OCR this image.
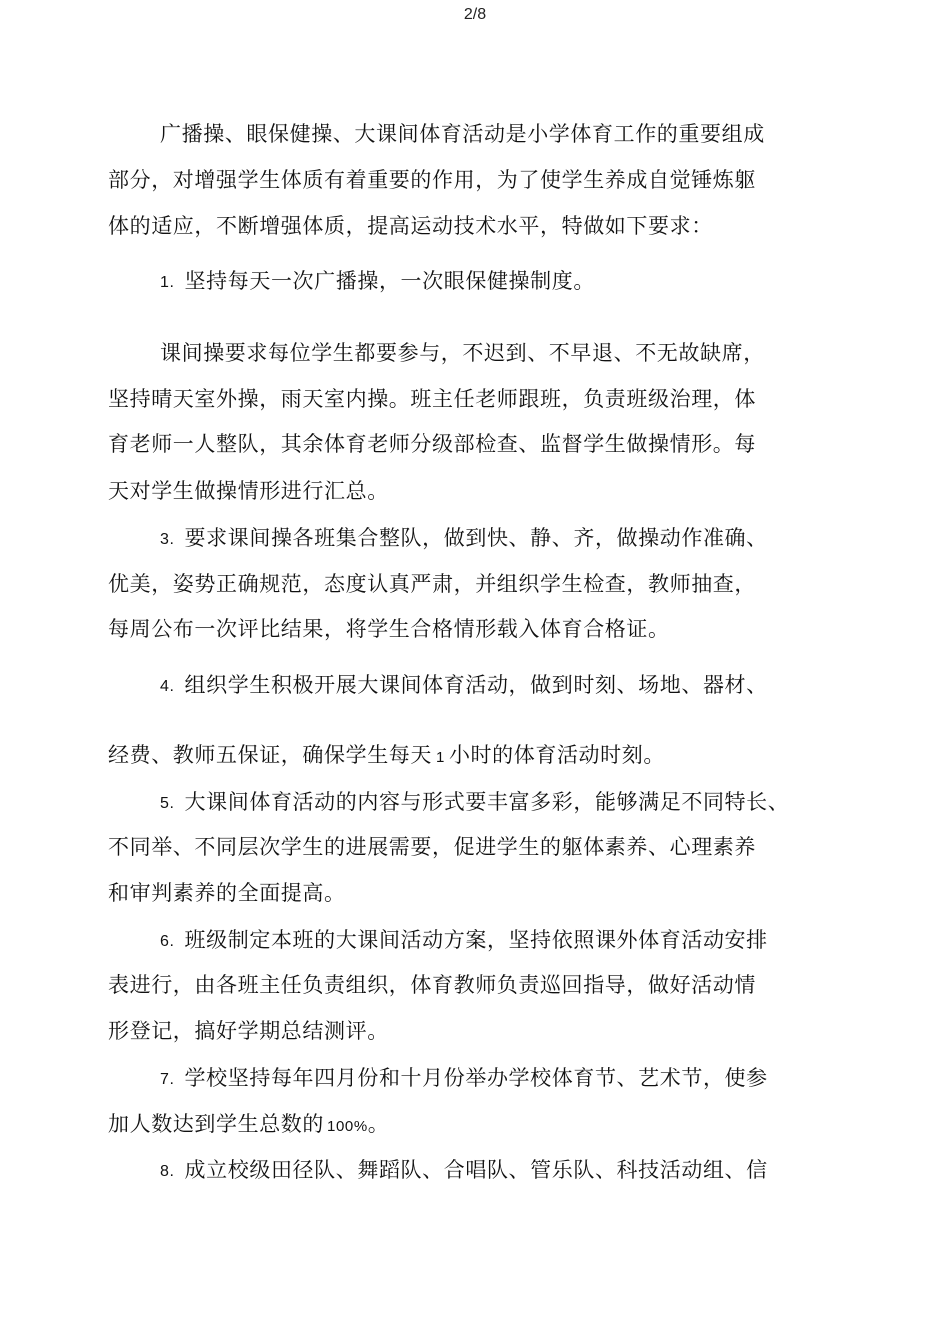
2/8
广播操、眼保健操、大课间体育活动是小学体育工作的重要组成
部分，对增强学生体质有着重要的作用，为了使学生养成自觉锤炼躯
体的适应，不断增强体质，提高运动技术水平，特做如下要求：
1. 坚持每天一次广播操，一次眼保健操制度。
课间操要求每位学生都要参与，不迟到、不早退、不无故缺席，
坚持晴天室外操，雨天室内操。班主任老师跟班，负责班级治理，体
育老师一人整队，其余体育老师分级部检查、监督学生做操情形。每
天对学生做操情形进行汇总。
3. 要求课间操各班集合整队，做到快、静、齐，做操动作准确、
优美，姿势正确规范，态度认真严肃，并组织学生检查，教师抽查，
每周公布一次评比结果，将学生合格情形载入体育合格证。
4. 组织学生积极开展大课间体育活动，做到时刻、场地、器材、
经费、教师五保证，确保学生每天 1 小时的体育活动时刻。
5. 大课间体育活动的内容与形式要丰富多彩，能够满足不同特长、
不同举、不同层次学生的进展需要，促进学生的躯体素养、心理素养
和审判素养的全面提高。
6. 班级制定本班的大课间活动方案，坚持依照课外体育活动安排
表进行，由各班主任负责组织，体育教师负责巡回指导，做好活动情
形登记，搞好学期总结测评。
7. 学校坚持每年四月份和十月份举办学校体育节、艺术节，使参
加人数达到学生总数的 100%。
8. 成立校级田径队、舞蹈队、合唱队、管乐队、科技活动组、信
